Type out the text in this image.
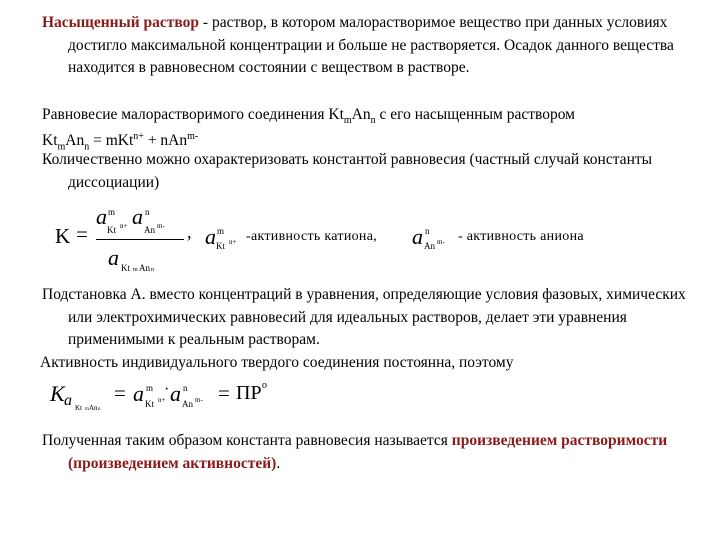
Насыщенный раствор - раствор, в котором малорастворимое вещество при данных условиях достигло максимальной концентрации и больше не растворяется. Осадок данного вещества находится в равновесном состоянии с веществом в растворе.

Равновесие малорастворимого соединения $Kt_mAn_n$ с его насыщенным раствором

$Kt_mAn_n = mKt^{n+} + nAn^{m-}$

Количественно можно охарактеризовать константой равновесия (частный случай константы диссоциации)

K =
a m
Kt n+ a n
An m- ,
a Kt m An n
a m
Kt n+ -активность катиона, a n
An m- - активность аниона

Подстановка A. вместо концентраций в уравнения, определяющие условия фазовых, химических или электрохимических равновесий для идеальных растворов, делает эти уравнения применимыми к реальным растворам.

Активность индивидуального твердого соединения постоянна, поэтому

K a Kt m An n
= a m
Kt n+
· a n
An m- = ПР o

Полученная таким образом константа равновесия называется произведением растворимости (произведением активностей).
